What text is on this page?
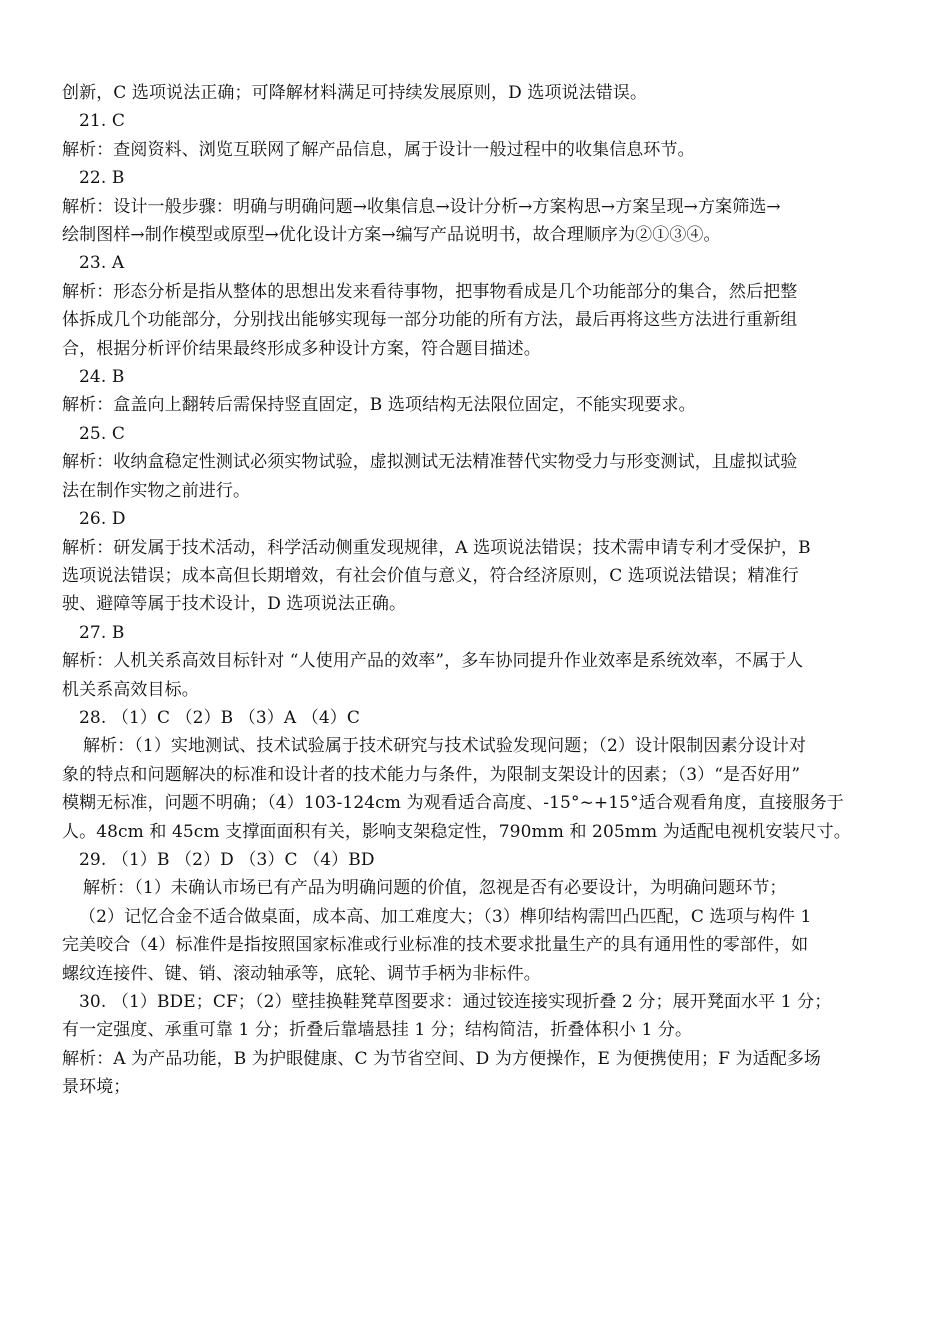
创新，C 选项说法正确；可降解材料满足可持续发展原则，D 选项说法错误。
21. C
解析：查阅资料、浏览互联网了解产品信息，属于设计一般过程中的收集信息环节。
22. B
解析：设计一般步骤：明确与明确问题→收集信息→设计分析→方案构思→方案呈现→方案筛选→
绘制图样→制作模型或原型→优化设计方案→编写产品说明书，故合理顺序为②①③④。
23. A
解析：形态分析是指从整体的思想出发来看待事物，把事物看成是几个功能部分的集合，然后把整
体拆成几个功能部分，分别找出能够实现每一部分功能的所有方法，最后再将这些方法进行重新组
合，根据分析评价结果最终形成多种设计方案，符合题目描述。
24. B
解析：盒盖向上翻转后需保持竖直固定，B 选项结构无法限位固定，不能实现要求。
25. C
解析：收纳盒稳定性测试必须实物试验，虚拟测试无法精准替代实物受力与形变测试，且虚拟试验
法在制作实物之前进行。
26. D
解析：研发属于技术活动，科学活动侧重发现规律，A 选项说法错误；技术需申请专利才受保护，B
选项说法错误；成本高但长期增效，有社会价值与意义，符合经济原则，C 选项说法错误；精准行
驶、避障等属于技术设计，D 选项说法正确。
27. B
解析：人机关系高效目标针对 “人使用产品的效率”，多车协同提升作业效率是系统效率，不属于人
机关系高效目标。
28. （1）C （2）B （3）A （4）C
解析：（1）实地测试、技术试验属于技术研究与技术试验发现问题；（2）设计限制因素分设计对
象的特点和问题解决的标准和设计者的技术能力与条件，为限制支架设计的因素；（3）“是否好用”
模糊无标准，问题不明确；（4）103-124cm 为观看适合高度、-15°~+15°适合观看角度，直接服务于
人。48cm 和 45cm 支撑面面积有关，影响支架稳定性，790mm 和 205mm 为适配电视机安装尺寸。
29. （1）B （2）D （3）C （4）BD
解析：（1）未确认市场已有产品为明确问题的价值，忽视是否有必要设计，为明确问题环节；
（2）记忆合金不适合做桌面，成本高、加工难度大；（3）榫卯结构需凹凸匹配，C 选项与构件 1
完美咬合（4）标准件是指按照国家标准或行业标准的技术要求批量生产的具有通用性的零部件，如
螺纹连接件、键、销、滚动轴承等，底轮、调节手柄为非标件。
30. （1）BDE；CF；（2）壁挂换鞋凳草图要求：通过铰连接实现折叠 2 分；展开凳面水平 1 分；
有一定强度、承重可靠 1 分；折叠后靠墙悬挂 1 分；结构简洁，折叠体积小 1 分。
解析：A 为产品功能，B 为护眼健康、C 为节省空间、D 为方便操作，E 为便携使用；F 为适配多场
景环境；
